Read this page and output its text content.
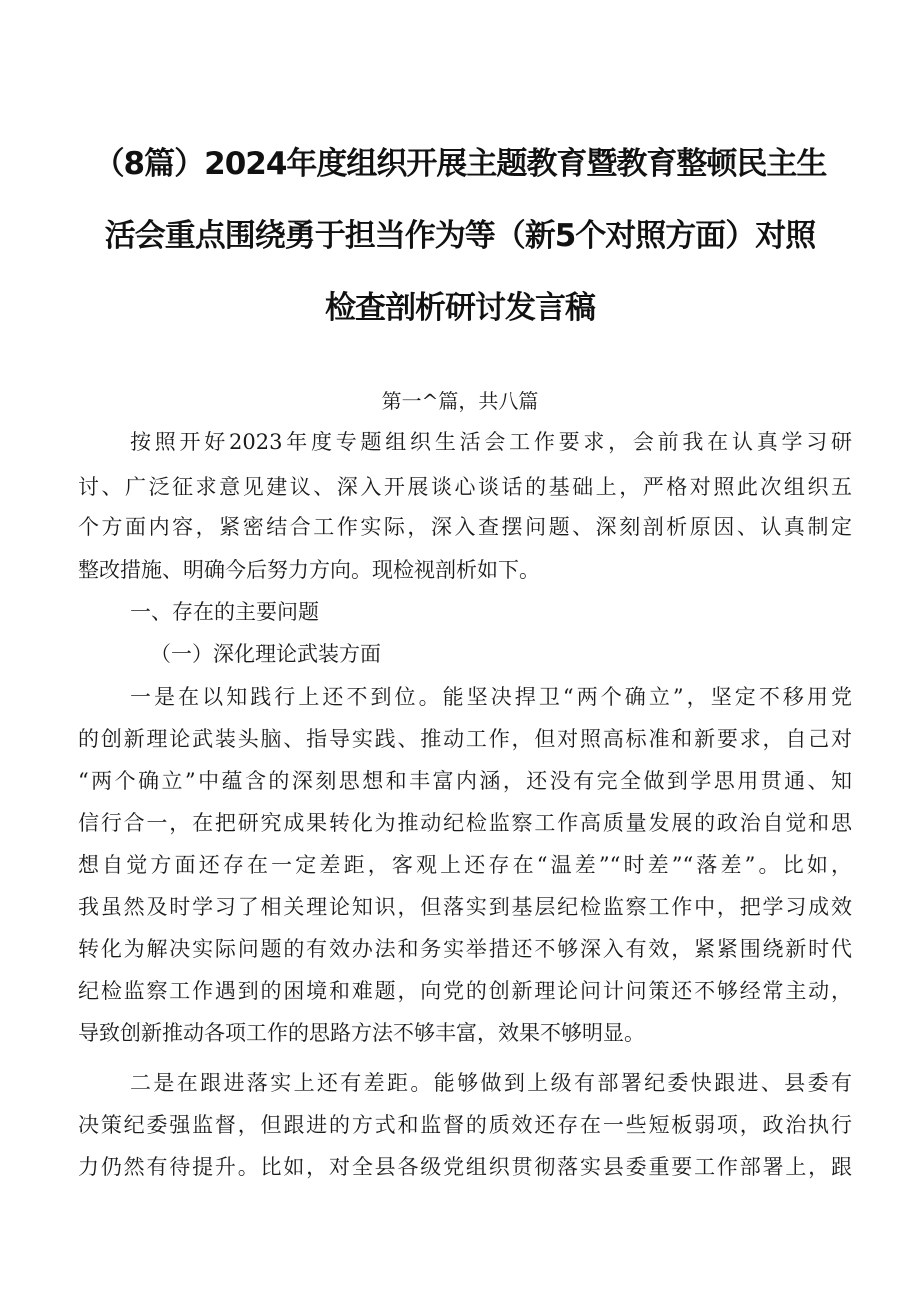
（8篇）2024年度组织开展主题教育暨教育整顿民主生
活会重点围绕勇于担当作为等（新5个对照方面）对照
检查剖析研讨发言稿
第一^篇，共八篇
按照开好2023年度专题组织生活会工作要求，会前我在认真学习研
讨、广泛征求意见建议、深入开展谈心谈话的基础上，严格对照此次组织五
个方面内容，紧密结合工作实际，深入查摆问题、深刻剖析原因、认真制定
整改措施、明确今后努力方向。现检视剖析如下。
一、存在的主要问题
（一）深化理论武装方面
一是在以知践行上还不到位。能坚决捍卫“两个确立”，坚定不移用党
的创新理论武装头脑、指导实践、推动工作，但对照高标准和新要求，自己对
“两个确立”中蕴含的深刻思想和丰富内涵，还没有完全做到学思用贯通、知
信行合一，在把研究成果转化为推动纪检监察工作高质量发展的政治自觉和思
想自觉方面还存在一定差距，客观上还存在“温差”“时差”“落差”。比如，
我虽然及时学习了相关理论知识，但落实到基层纪检监察工作中，把学习成效
转化为解决实际问题的有效办法和务实举措还不够深入有效，紧紧围绕新时代
纪检监察工作遇到的困境和难题，向党的创新理论问计问策还不够经常主动，
导致创新推动各项工作的思路方法不够丰富，效果不够明显。
二是在跟进落实上还有差距。能够做到上级有部署纪委快跟进、县委有
决策纪委强监督，但跟进的方式和监督的质效还存在一些短板弱项，政治执行
力仍然有待提升。比如，对全县各级党组织贯彻落实县委重要工作部署上，跟
